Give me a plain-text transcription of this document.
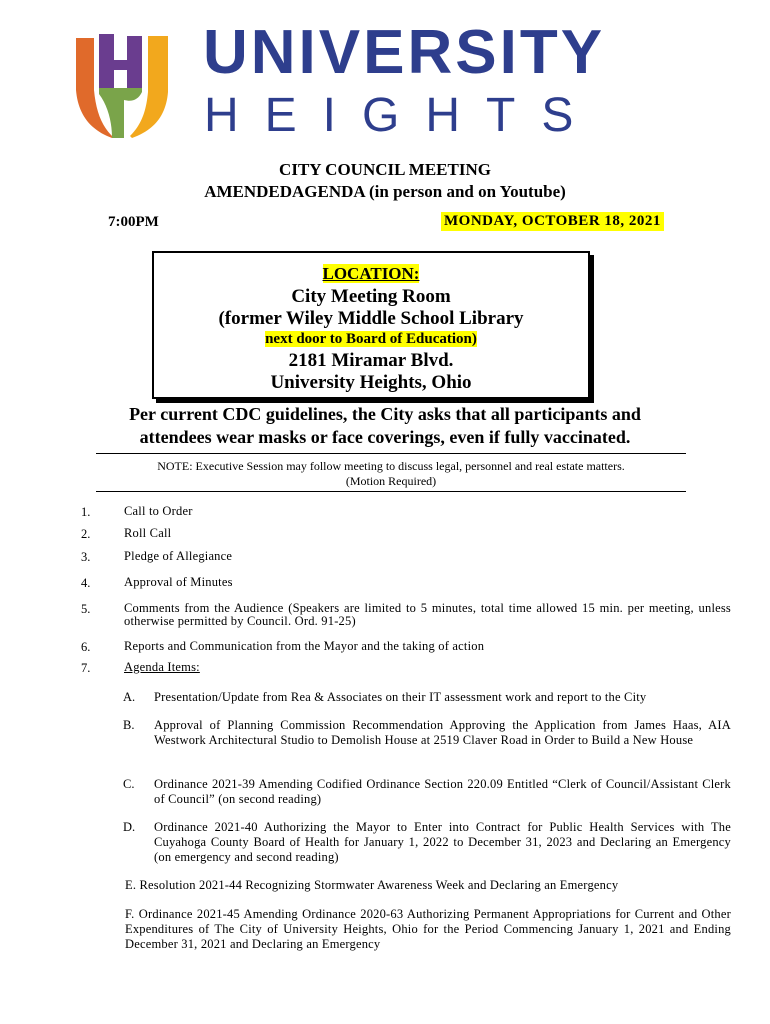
UNIVERSITY
HEIGHTS
CITY COUNCIL MEETING
AMENDEDAGENDA (in person and on Youtube)
7:00PM	MONDAY, OCTOBER 18, 2021
LOCATION:
City Meeting Room
(former Wiley Middle School Library
next door to Board of Education)
2181 Miramar Blvd.
University Heights, Ohio
Per current CDC guidelines, the City asks that all participants and
attendees wear masks or face coverings, even if fully vaccinated.
NOTE: Executive Session may follow meeting to discuss legal, personnel and real estate matters.
(Motion Required)
1.	Call to Order
2.	Roll Call
3.	Pledge of Allegiance
4.	Approval of Minutes
5.	Comments from the Audience (Speakers are limited to 5 minutes, total time allowed 15 min. per meeting, unless otherwise permitted by Council. Ord. 91-25)
6.	Reports and Communication from the Mayor and the taking of action
7.	Agenda Items:
A. Presentation/Update from Rea & Associates on their IT assessment work and report to the City
B. Approval of Planning Commission Recommendation Approving the Application from James Haas, AIA Westwork Architectural Studio to Demolish House at 2519 Claver Road in Order to Build a New House
C. Ordinance 2021-39 Amending Codified Ordinance Section 220.09 Entitled “Clerk of Council/Assistant Clerk of Council” (on second reading)
D. Ordinance 2021-40 Authorizing the Mayor to Enter into Contract for Public Health Services with The Cuyahoga County Board of Health for January 1, 2022 to December 31, 2023 and Declaring an Emergency (on emergency and second reading)
E. Resolution 2021-44 Recognizing Stormwater Awareness Week and Declaring an Emergency
F. Ordinance 2021-45 Amending Ordinance 2020-63 Authorizing Permanent Appropriations for Current and Other Expenditures of The City of University Heights, Ohio for the Period Commencing January 1, 2021 and Ending December 31, 2021 and Declaring an Emergency
